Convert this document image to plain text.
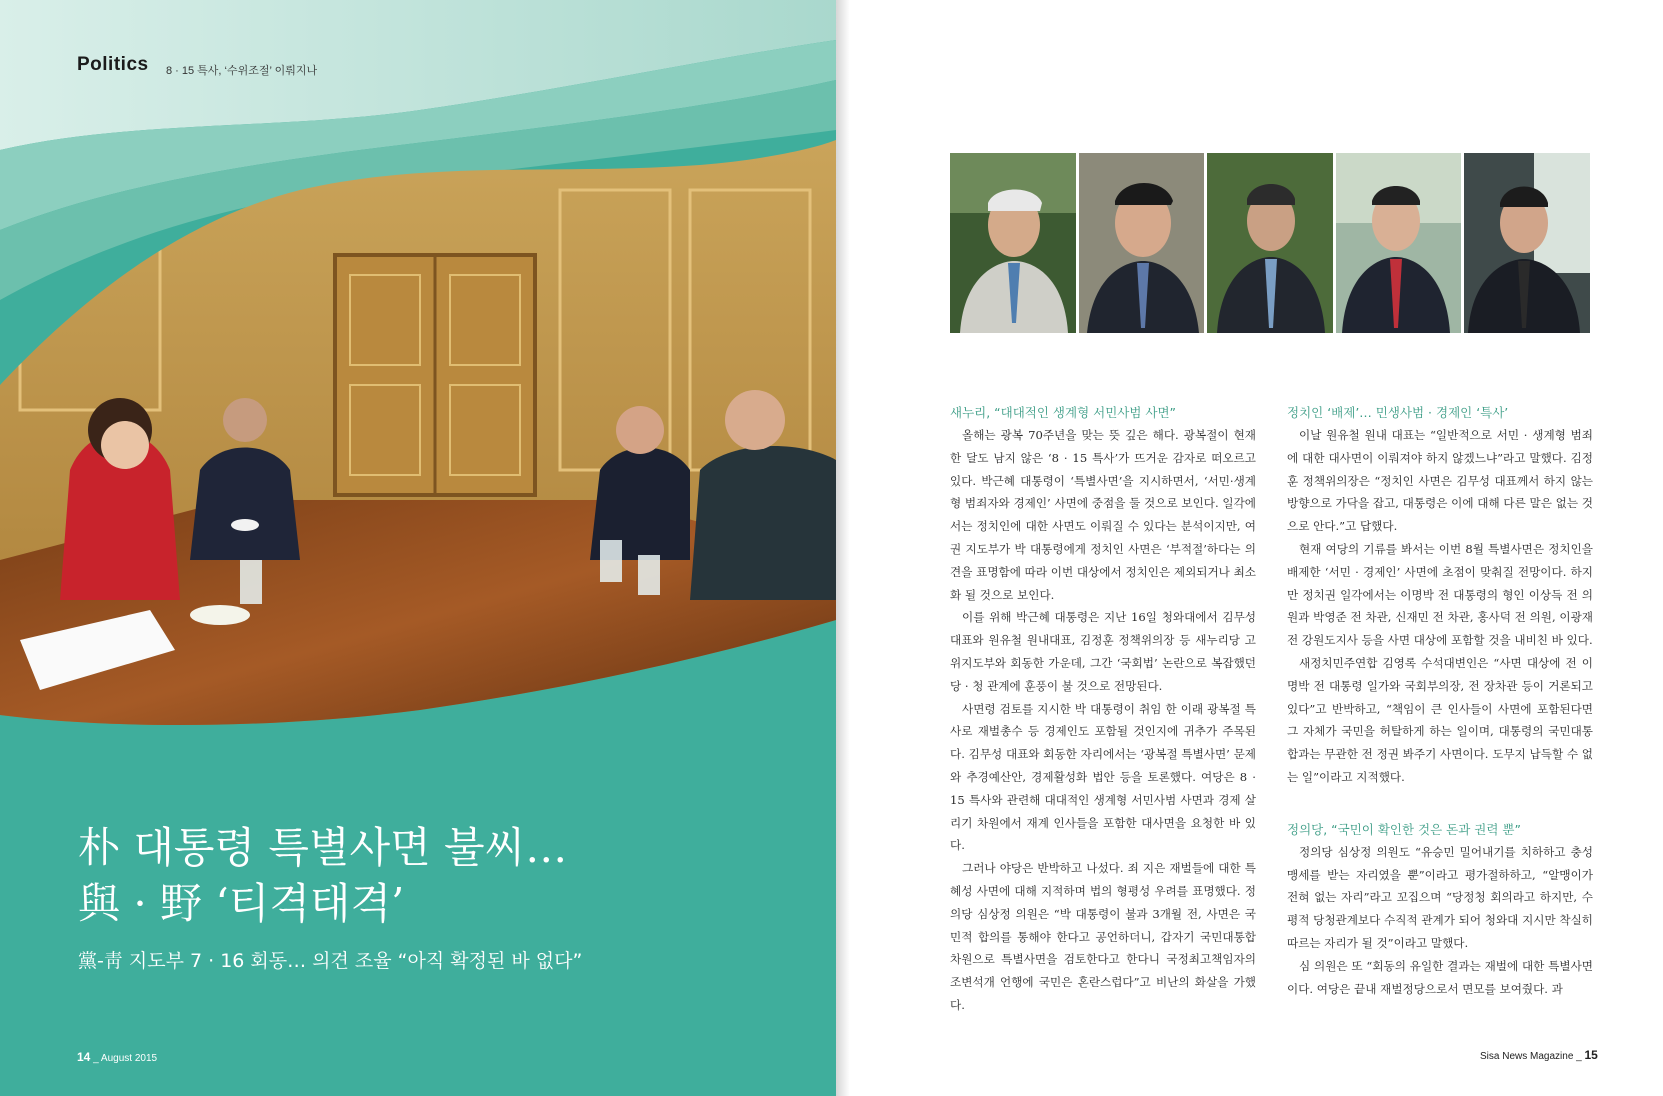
Politics 8 · 15 특사, ‘수위조절’ 이뤄지나
朴 대통령 특별사면 불씨…
與 · 野 ‘티격태격’
黨-靑 지도부 7 · 16 회동… 의견 조율 “아직 확정된 바 없다”
14 _ August 2015
새누리, “대대적인 생계형 서민사범 사면”

올해는 광복 70주년을 맞는 뜻 깊은 해다. 광복절이 현재 한 달도 남지 않은 ‘8 · 15 특사’가 뜨거운 감자로 떠오르고 있다. 박근혜 대통령이 ‘특별사면’을 지시하면서, ‘서민·생계형 범죄자와 경제인’ 사면에 중점을 둘 것으로 보인다. 일각에서는 정치인에 대한 사면도 이뤄질 수 있다는 분석이지만, 여권 지도부가 박 대통령에게 정치인 사면은 ‘부적절’하다는 의견을 표명함에 따라 이번 대상에서 정치인은 제외되거나 최소화 될 것으로 보인다.

이를 위해 박근혜 대통령은 지난 16일 청와대에서 김무성 대표와 원유철 원내대표, 김정훈 정책위의장 등 새누리당 고위지도부와 회동한 가운데, 그간 ‘국회법’ 논란으로 복잡했던 당 · 청 관계에 훈풍이 불 것으로 전망된다.

사면령 검토를 지시한 박 대통령이 취임 한 이래 광복절 특사로 재벌총수 등 경제인도 포함될 것인지에 귀추가 주목된다. 김무성 대표와 회동한 자리에서는 ‘광복절 특별사면’ 문제와 추경예산안, 경제활성화 법안 등을 토론했다. 여당은 8 · 15 특사와 관련해 대대적인 생계형 서민사범 사면과 경제 살리기 차원에서 재계 인사들을 포함한 대사면을 요청한 바 있다.

그러나 야당은 반박하고 나섰다. 죄 지은 재벌들에 대한 특혜성 사면에 대해 지적하며 법의 형평성 우려를 표명했다. 정의당 심상정 의원은 “박 대통령이 불과 3개월 전, 사면은 국민적 합의를 통해야 한다고 공언하더니, 갑자기 국민대통합 차원으로 특별사면을 검토한다고 한다니 국정최고책임자의 조변석개 언행에 국민은 혼란스럽다”고 비난의 화살을 가했다.

정치인 ‘배제’… 민생사범 · 경제인 ‘특사’

이날 원유철 원내 대표는 “일반적으로 서민 · 생계형 범죄에 대한 대사면이 이뤄져야 하지 않겠느냐”라고 말했다. 김정훈 정책위의장은 “정치인 사면은 김무성 대표께서 하지 않는 방향으로 가닥을 잡고, 대통령은 이에 대해 다른 말은 없는 것으로 안다.”고 답했다.

현재 여당의 기류를 봐서는 이번 8월 특별사면은 정치인을 배제한 ‘서민 · 경제인’ 사면에 초점이 맞춰질 전망이다. 하지만 정치권 일각에서는 이명박 전 대통령의 형인 이상득 전 의원과 박영준 전 차관, 신재민 전 차관, 홍사덕 전 의원, 이광재 전 강원도지사 등을 사면 대상에 포함할 것을 내비친 바 있다.

새정치민주연합 김영록 수석대변인은 “사면 대상에 전 이명박 전 대통령 일가와 국회부의장, 전 장차관 등이 거론되고 있다”고 반박하고, “책임이 큰 인사들이 사면에 포함된다면 그 자체가 국민을 허탈하게 하는 일이며, 대통령의 국민대통합과는 무관한 전 정권 봐주기 사면이다. 도무지 납득할 수 없는 일”이라고 지적했다.

정의당, “국민이 확인한 것은 돈과 권력 뿐”

정의당 심상정 의원도 “유승민 밀어내기를 치하하고 충성맹세를 받는 자리였을 뿐”이라고 평가절하하고, “알맹이가 전혀 없는 자리”라고 꼬집으며 “당정청 회의라고 하지만, 수평적 당청관계보다 수직적 관계가 되어 청와대 지시만 착실히 따르는 자리가 될 것”이라고 말했다.

심 의원은 또 “회동의 유일한 결과는 재벌에 대한 특별사면이다. 여당은 끝내 재벌정당으로서 면모를 보여줬다. 과

Sisa News Magazine _ 15
